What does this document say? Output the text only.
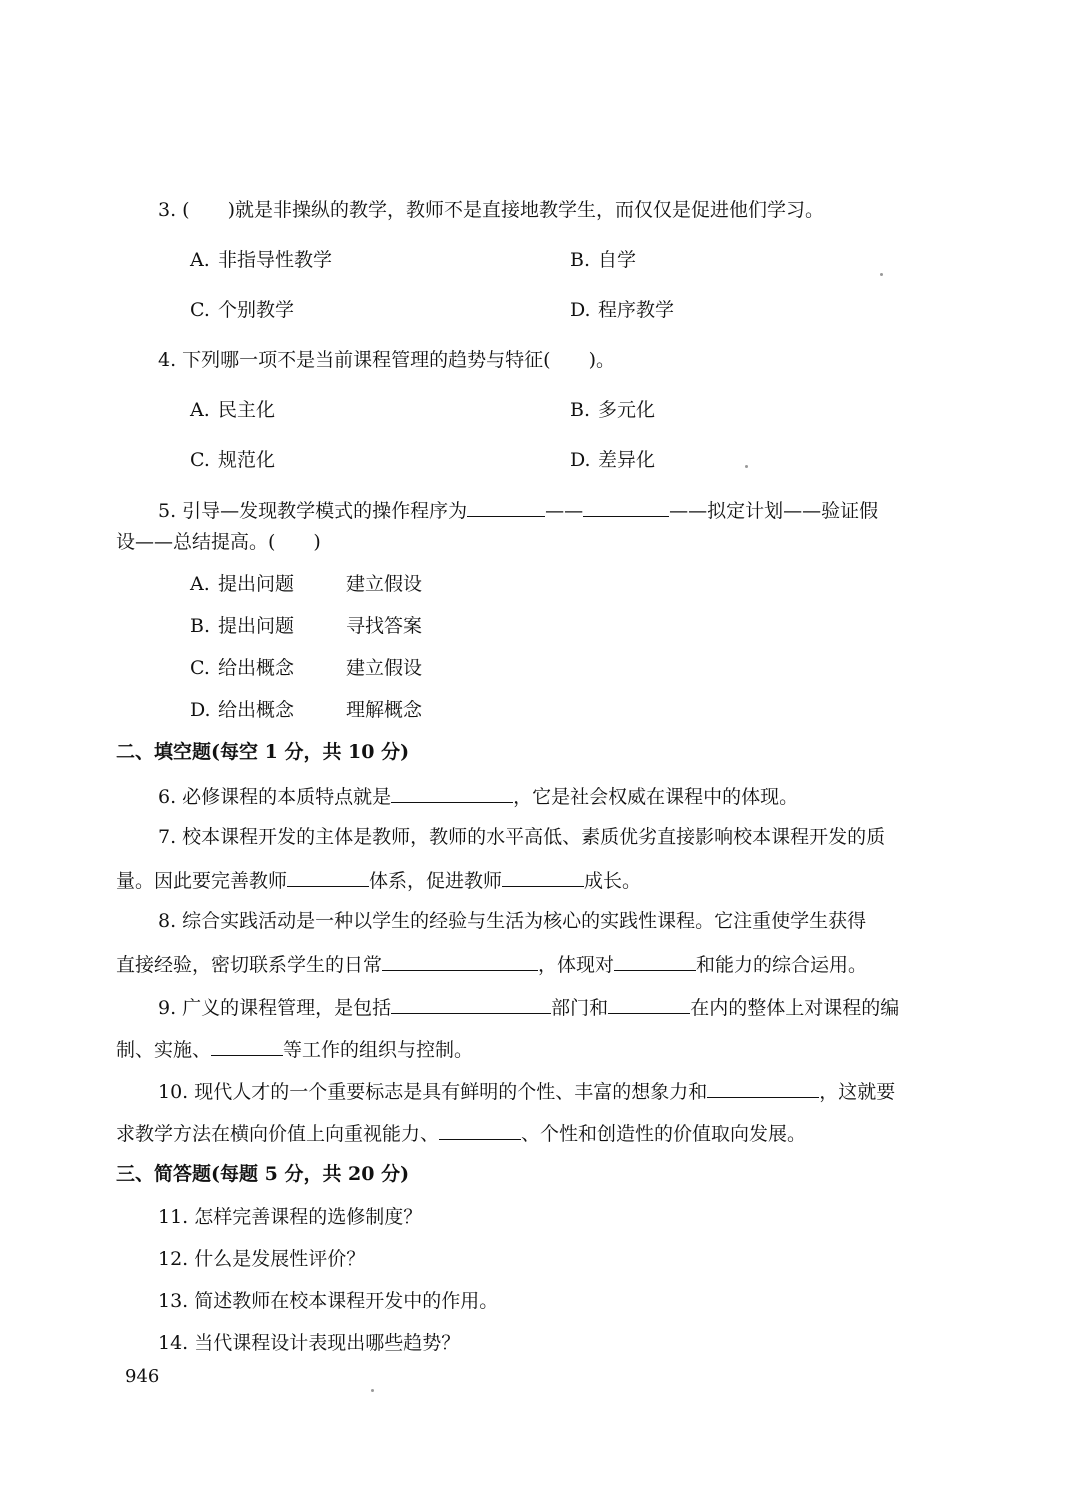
3. (　　)就是非操纵的教学，教师不是直接地教学生，而仅仅是促进他们学习。
A. 非指导性教学	B. 自学
C. 个别教学	D. 程序教学
4. 下列哪一项不是当前课程管理的趋势与特征(　　)。
A. 民主化	B. 多元化
C. 规范化	D. 差异化
5. 引导—发现教学模式的操作程序为	——	——拟定计划——验证假
设——总结提高。(　　)
A. 提出问题	建立假设
B. 提出问题	寻找答案
C. 给出概念	建立假设
D. 给出概念	理解概念
二、填空题(每空 1 分，共 10 分)
6. 必修课程的本质特点就是	，它是社会权威在课程中的体现。
7. 校本课程开发的主体是教师，教师的水平高低、素质优劣直接影响校本课程开发的质
量。因此要完善教师	体系，促进教师	成长。
8. 综合实践活动是一种以学生的经验与生活为核心的实践性课程。它注重使学生获得
直接经验，密切联系学生的日常	，体现对	和能力的综合运用。
9. 广义的课程管理，是包括	部门和	在内的整体上对课程的编
制、实施、	等工作的组织与控制。
10. 现代人才的一个重要标志是具有鲜明的个性、丰富的想象力和	，这就要
求教学方法在横向价值上向重视能力、	、个性和创造性的价值取向发展。
三、简答题(每题 5 分，共 20 分)
11. 怎样完善课程的选修制度？
12. 什么是发展性评价？
13. 简述教师在校本课程开发中的作用。
14. 当代课程设计表现出哪些趋势？
946
